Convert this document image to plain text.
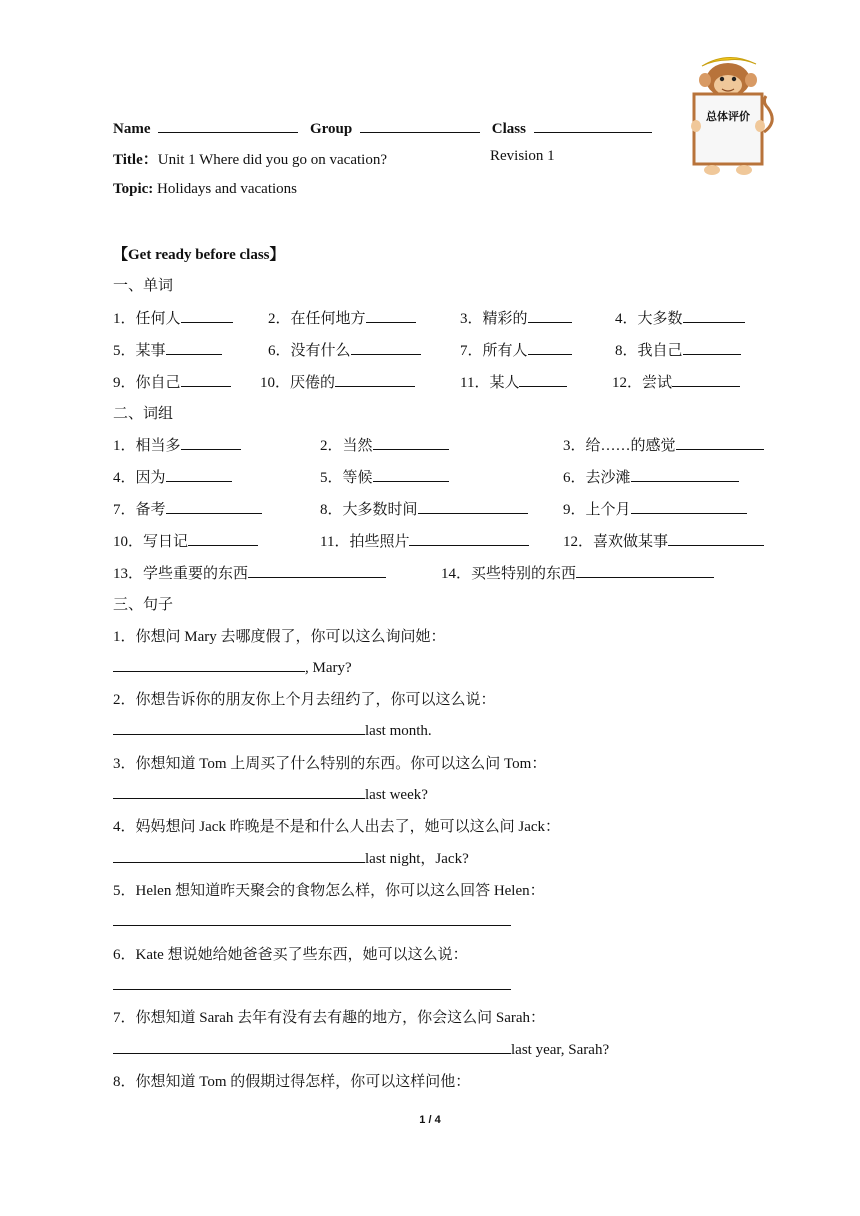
总体评价
Name	Group	Class
Title：Unit 1 Where did you go on vacation?	Revision 1
Topic: Holidays and vacations
【Get ready before class】
一、单词
1．任何人	2．在任何地方	3．精彩的	4．大多数
5．某事	6．没有什么	7．所有人	8．我自己
9．你自己	10．厌倦的	11．某人	12．尝试
二、词组
1．相当多	2．当然	3．给……的感觉
4．因为	5．等候	6．去沙滩
7．备考	8．大多数时间	9．上个月
10．写日记	11．拍些照片	12．喜欢做某事
13．学些重要的东西	14．买些特别的东西
三、句子
1．你想问 Mary 去哪度假了，你可以这么询问她：
, Mary?
2．你想告诉你的朋友你上个月去纽约了，你可以这么说：
last month.
3．你想知道 Tom 上周买了什么特别的东西。你可以这么问 Tom：
last week?
4．妈妈想问 Jack 昨晚是不是和什么人出去了，她可以这么问 Jack：
last night，Jack?
5．Helen 想知道昨天聚会的食物怎么样，你可以这么回答 Helen：
6．Kate 想说她给她爸爸买了些东西，她可以这么说：
7．你想知道 Sarah 去年有没有去有趣的地方，你会这么问 Sarah：
last year, Sarah?
8．你想知道 Tom 的假期过得怎样，你可以这样问他：
1 / 4
